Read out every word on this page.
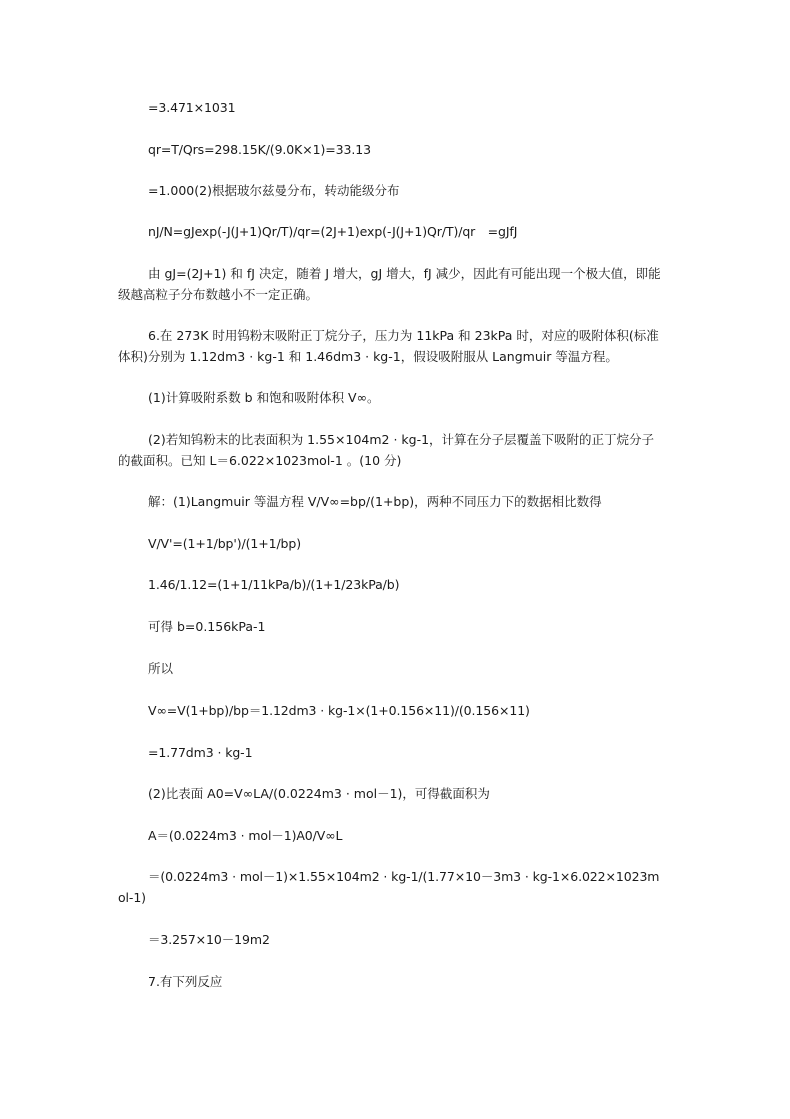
=3.471×1031
qr=T/Qrs=298.15K/(9.0K×1)=33.13
=1.000(2)根据玻尔兹曼分布，转动能级分布
nJ/N=gJexp(-J(J+1)Qr/T)/qr=(2J+1)exp(-J(J+1)Qr/T)/qr　=gJfJ
由 gJ=(2J+1) 和 fJ 决定，随着 J 增大，gJ 增大，fJ 减少，因此有可能出现一个极大值，即能级越高粒子分布数越小不一定正确。
6.在 273K 时用钨粉末吸附正丁烷分子，压力为 11kPa 和 23kPa 时，对应的吸附体积(标准体积)分别为 1.12dm3 · kg-1 和 1.46dm3 · kg-1，假设吸附服从 Langmuir 等温方程。
(1)计算吸附系数 b 和饱和吸附体积 V∞。
(2)若知钨粉末的比表面积为 1.55×104m2 · kg-1，计算在分子层覆盖下吸附的正丁烷分子的截面积。已知 L＝6.022×1023mol-1 。(10 分)
解：(1)Langmuir 等温方程 V/V∞=bp/(1+bp)，两种不同压力下的数据相比数得
V/V'=(1+1/bp')/(1+1/bp)
1.46/1.12=(1+1/11kPa/b)/(1+1/23kPa/b)
可得 b=0.156kPa-1
所以
V∞=V(1+bp)/bp＝1.12dm3 · kg-1×(1+0.156×11)/(0.156×11)
=1.77dm3 · kg-1
(2)比表面 A0=V∞LA/(0.0224m3 · mol－1)，可得截面积为
A＝(0.0224m3 · mol－1)A0/V∞L
＝(0.0224m3 · mol－1)×1.55×104m2 · kg-1/(1.77×10－3m3 · kg-1×6.022×1023mol-1)
＝3.257×10－19m2
7.有下列反应
